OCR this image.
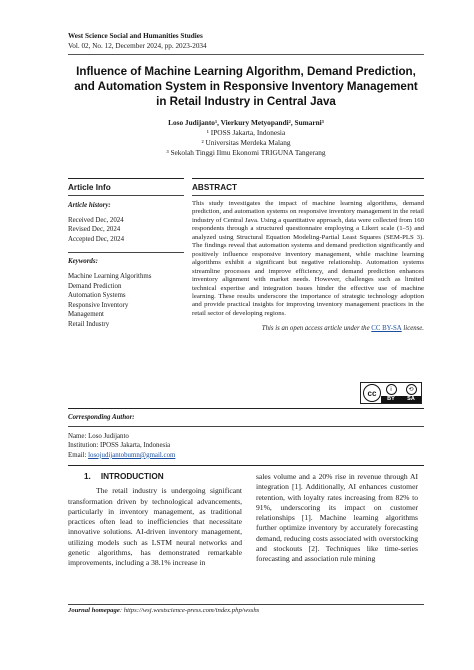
West Science Social and Humanities Studies
Vol. 02, No. 12, December 2024, pp. 2023-2034
Influence of Machine Learning Algorithm, Demand Prediction, and Automation System in Responsive Inventory Management in Retail Industry in Central Java
Loso Judijanto¹, Vierkury Metyopandi², Sumarni³
¹ IPOSS Jakarta, Indonesia
² Universitas Merdeka Malang
³ Sekolah Tinggi Ilmu Ekonomi TRIGUNA Tangerang
Article Info
Article history:
Received Dec, 2024
Revised Dec, 2024
Accepted Dec, 2024
Keywords:
Machine Learning Algorithms
Demand Prediction
Automation Systems
Responsive Inventory
Management
Retail Industry
ABSTRACT
This study investigates the impact of machine learning algorithms, demand prediction, and automation systems on responsive inventory management in the retail industry of Central Java. Using a quantitative approach, data were collected from 160 respondents through a structured questionnaire employing a Likert scale (1–5) and analyzed using Structural Equation Modeling-Partial Least Squares (SEM-PLS 3). The findings reveal that automation systems and demand prediction significantly and positively influence responsive inventory management, while machine learning algorithms exhibit a significant but negative relationship. Automation systems streamline processes and improve efficiency, and demand prediction enhances inventory alignment with market needs. However, challenges such as limited technical expertise and integration issues hinder the effective use of machine learning. These results underscore the importance of strategic technology adoption and provide practical insights for improving inventory management practices in the retail sector of developing regions.
This is an open access article under the CC BY-SA license.
cc	i	⟲
BY SA
Corresponding Author:
Name: Loso Judijanto
Institution: IPOSS Jakarta, Indonesia
Email: losojudijantobumn@gmail.com
1. INTRODUCTION
The retail industry is undergoing significant transformation driven by technological advancements, particularly in inventory management, as traditional practices often lead to inefficiencies that necessitate innovative solutions. AI-driven inventory management, utilizing models such as LSTM neural networks and genetic algorithms, has demonstrated remarkable improvements, including a 38.1% increase in
sales volume and a 20% rise in revenue through AI integration [1]. Additionally, AI enhances customer retention, with loyalty rates increasing from 82% to 91%, underscoring its impact on customer relationships [1]. Machine learning algorithms further optimize inventory by accurately forecasting demand, reducing costs associated with overstocking and stockouts [2]. Techniques like time-series forecasting and association rule mining
Journal homepage: https://wsj.westscience-press.com/index.php/wsshs
